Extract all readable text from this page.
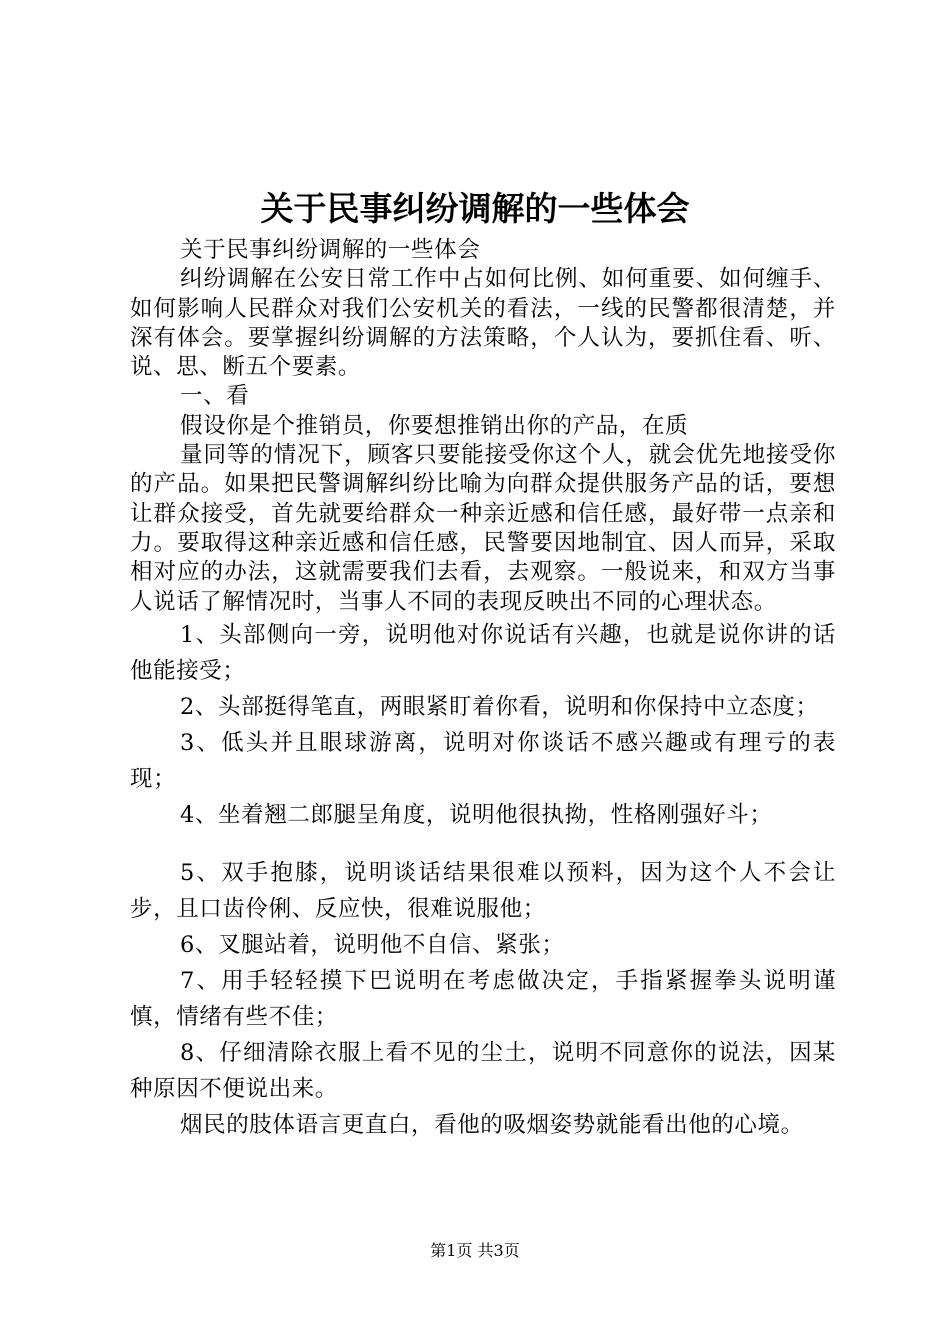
关于民事纠纷调解的一些体会

关于民事纠纷调解的一些体会

纠纷调解在公安日常工作中占如何比例、如何重要、如何缠手、如何影响人民群众对我们公安机关的看法，一线的民警都很清楚，并深有体会。要掌握纠纷调解的方法策略，个人认为，要抓住看、听、说、思、断五个要素。

一、看

假设你是个推销员，你要想推销出你的产品，在质

量同等的情况下，顾客只要能接受你这个人，就会优先地接受你的产品。如果把民警调解纠纷比喻为向群众提供服务产品的话，要想让群众接受，首先就要给群众一种亲近感和信任感，最好带一点亲和力。要取得这种亲近感和信任感，民警要因地制宜、因人而异，采取相对应的办法，这就需要我们去看，去观察。一般说来，和双方当事人说话了解情况时，当事人不同的表现反映出不同的心理状态。

1、头部侧向一旁，说明他对你说话有兴趣，也就是说你讲的话他能接受；

2、头部挺得笔直，两眼紧盯着你看，说明和你保持中立态度；

3、低头并且眼球游离，说明对你谈话不感兴趣或有理亏的表现；

4、坐着翘二郎腿呈角度，说明他很执拗，性格刚强好斗；

5、双手抱膝，说明谈话结果很难以预料，因为这个人不会让步，且口齿伶俐、反应快，很难说服他；

6、叉腿站着，说明他不自信、紧张；

7、用手轻轻摸下巴说明在考虑做决定，手指紧握拳头说明谨慎，情绪有些不佳；

8、仔细清除衣服上看不见的尘土，说明不同意你的说法，因某种原因不便说出来。

烟民的肢体语言更直白，看他的吸烟姿势就能看出他的心境。

第1页 共3页
